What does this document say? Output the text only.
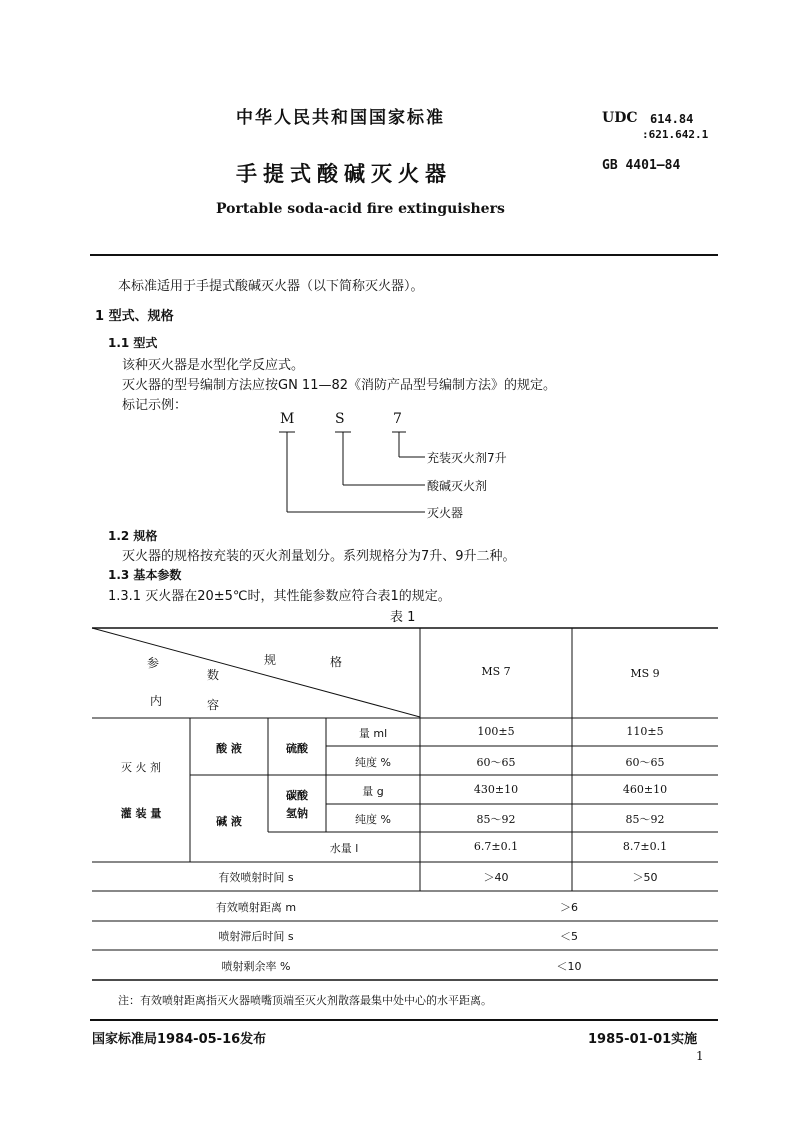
中华人民共和国国家标准
手提式酸碱灭火器
Portable soda-acid fire extinguishers
UDC 614.84
:621.642.1
GB 4401—84
本标准适用于手提式酸碱灭火器（以下简称灭火器）。
1 型式、规格
1.1 型式
该种灭火器是水型化学反应式。
灭火器的型号编制方法应按GN 11—82《消防产品型号编制方法》的规定。
标记示例：
M	S	7
充装灭火剂7升
酸碱灭火剂
灭火器
1.2 规格
灭火器的规格按充装的灭火剂量划分。系列规格分为7升、9升二种。
1.3 基本参数
1.3.1 灭火器在20±5℃时，其性能参数应符合表1的规定。
表 1
参
数
规	格
内	容
MS 7	MS 9
灭 火 剂
灌 装 量
酸 液	硫酸
碱 液
碳酸
氢钠
量 ml	100±5	110±5
纯度 %	60～65	60～65
量 g	430±10	460±10
纯度 %	85～92	85～92
水量 l	6.7±0.1	8.7±0.1
有效喷射时间 s	＞40	＞50
有效喷射距离 m	＞6
喷射滞后时间 s	＜5
喷射剩余率 %	＜10
注：有效喷射距离指灭火器喷嘴顶端至灭火剂散落最集中处中心的水平距离。
国家标准局1984-05-16发布	1985-01-01实施
1
